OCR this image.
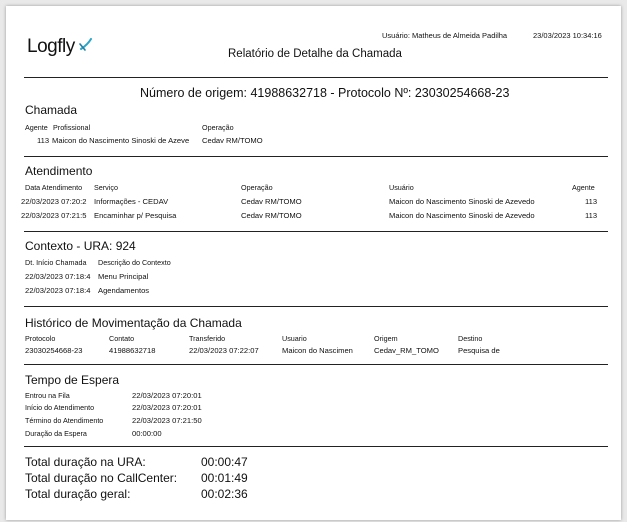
Usuário: Matheus de Almeida Padilha	23/03/2023 10:34:16
Logfly	Relatório de Detalhe da Chamada
Número de origem: 41988632718 - Protocolo Nº: 23030254668-23
Chamada
Agente Profissional	Operação
113 Maicon do Nascimento Sinoski de Azeve Cedav RM/TOMO
Atendimento
Data Atendimento Serviço	Operação	Usuário	Agente
22/03/2023 07:20:2 Informações - CEDAV	Cedav RM/TOMO	Maicon do Nascimento Sinoski de Azevedo	113
22/03/2023 07:21:5 Encaminhar p/ Pesquisa	Cedav RM/TOMO	Maicon do Nascimento Sinoski de Azevedo	113
Contexto - URA: 924
Dt. Início Chamada Descrição do Contexto
22/03/2023 07:18:4 Menu Principal
22/03/2023 07:18:4 Agendamentos
Histórico de Movimentação da Chamada
Protocolo	Contato	Transferido	Usuario	Origem	Destino
23030254668-23	41988632718	22/03/2023 07:22:07	Maicon do Nascimen	Cedav_RM_TOMO	Pesquisa de
Tempo de Espera
Entrou na Fila	22/03/2023 07:20:01
Início do Atendimento	22/03/2023 07:20:01
Término do Atendimento	22/03/2023 07:21:50
Duração da Espera	00:00:00
Total duração na URA:	00:00:47
Total duração no CallCenter: 00:01:49
Total duração geral:	00:02:36
